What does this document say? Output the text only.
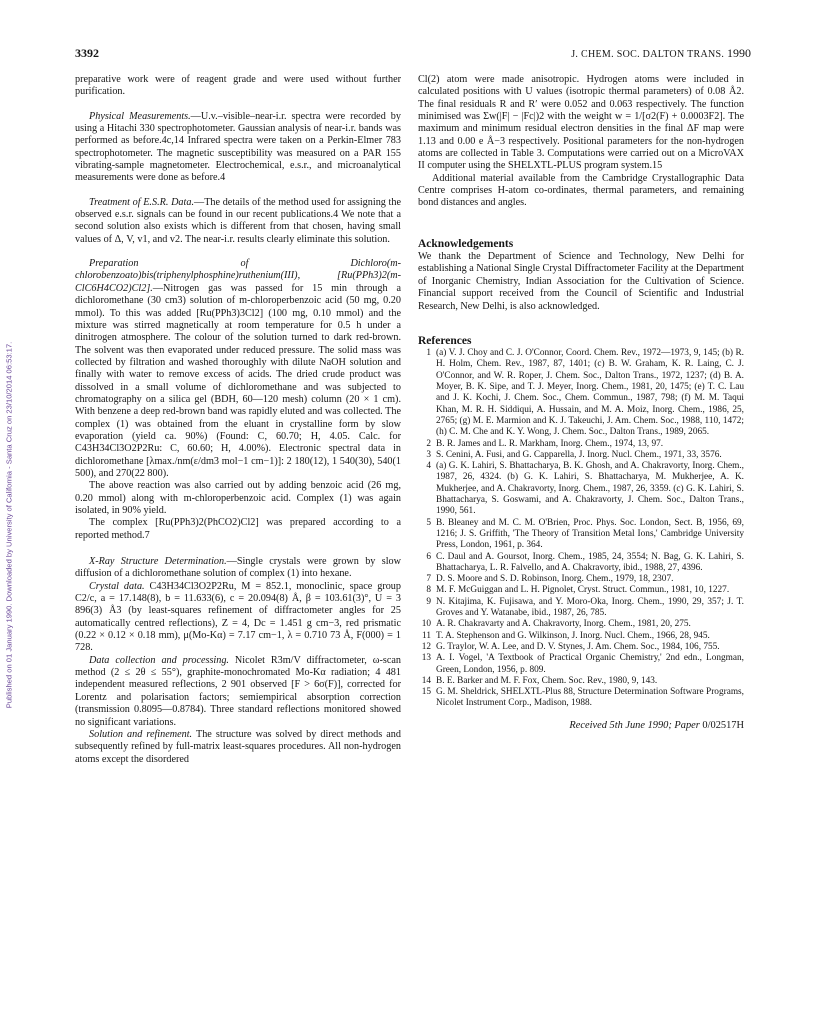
Published on 01 January 1990. Downloaded by University of California - Santa Cruz on 23/10/2014 06:53:17.
3392	J. CHEM. SOC. DALTON TRANS. 1990

preparative work were of reagent grade and were used without further purification.

Physical Measurements.—U.v.–visible–near-i.r. spectra were recorded by using a Hitachi 330 spectrophotometer. Gaussian analysis of near-i.r. bands was performed as before.4c,14 Infrared spectra were taken on a Perkin-Elmer 783 spectrophotometer. The magnetic susceptibility was measured on a PAR 155 vibrating-sample magnetometer. Electrochemical, e.s.r., and microanalytical measurements were done as before.4

Treatment of E.S.R. Data.—The details of the method used for assigning the observed e.s.r. signals can be found in our recent publications.4 We note that a second solution also exists which is different from that chosen, having small values of Δ, V, v1, and v2. The near-i.r. results clearly eliminate this solution.

Preparation of Dichloro(m-chlorobenzoato)bis(triphenylphosphine)ruthenium(III), [Ru(PPh3)2(m-ClC6H4CO2)Cl2].—Nitrogen gas was passed for 15 min through a dichloromethane (30 cm3) solution of m-chloroperbenzoic acid (50 mg, 0.20 mmol). To this was added [Ru(PPh3)3Cl2] (100 mg, 0.10 mmol) and the mixture was stirred magnetically at room temperature for 0.5 h under a dinitrogen atmosphere. The colour of the solution turned to dark red-brown. The solvent was then evaporated under reduced pressure. The solid mass was collected by filtration and washed thoroughly with dilute NaOH solution and finally with water to remove excess of acids. The dried crude product was dissolved in a small volume of dichloromethane and was subjected to chromatography on a silica gel (BDH, 60—120 mesh) column (20 × 1 cm). With benzene a deep red-brown band was rapidly eluted and was collected. The complex (1) was obtained from the eluant in crystalline form by slow evaporation (yield ca. 90%) (Found: C, 60.70; H, 4.05. Calc. for C43H34Cl3O2P2Ru: C, 60.60; H, 4.00%). Electronic spectral data in dichloromethane [λmax./nm(ε/dm3 mol−1 cm−1)]: 2 180(12), 1 540(30), 540(1 500), and 270(22 800).

The above reaction was also carried out by adding benzoic acid (26 mg, 0.20 mmol) along with m-chloroperbenzoic acid. Complex (1) was again isolated, in 90% yield.

The complex [Ru(PPh3)2(PhCO2)Cl2] was prepared according to a reported method.7

X-Ray Structure Determination.—Single crystals were grown by slow diffusion of a dichloromethane solution of complex (1) into hexane.

Crystal data. C43H34Cl3O2P2Ru, M = 852.1, monoclinic, space group C2/c, a = 17.148(8), b = 11.633(6), c = 20.094(8) Å, β = 103.61(3)°, U = 3 896(3) Å3 (by least-squares refinement of diffractometer angles for 25 automatically centred reflections), Z = 4, Dc = 1.451 g cm−3, red prismatic (0.22 × 0.12 × 0.18 mm), μ(Mo-Kα) = 7.17 cm−1, λ = 0.710 73 Å, F(000) = 1 728.

Data collection and processing. Nicolet R3m/V diffractometer, ω-scan method (2 ≤ 2θ ≤ 55°), graphite-monochromated Mo-Kα radiation; 4 481 independent measured reflections, 2 901 observed [F > 6σ(F)], corrected for Lorentz and polarisation factors; semiempirical absorption correction (transmission 0.8095—0.8784). Three standard reflections monitored showed no significant variations.

Solution and refinement. The structure was solved by direct methods and subsequently refined by full-matrix least-squares procedures. All non-hydrogen atoms except the disordered

Cl(2) atom were made anisotropic. Hydrogen atoms were included in calculated positions with U values (isotropic thermal parameters) of 0.08 Å2. The final residuals R and R′ were 0.052 and 0.063 respectively. The function minimised was Σw(|F| − |Fc|)2 with the weight w = 1/[σ2(F) + 0.0003F2]. The maximum and minimum residual electron densities in the final ΔF map were 1.13 and 0.00 e Å−3 respectively. Positional parameters for the non-hydrogen atoms are collected in Table 3. Computations were carried out on a MicroVAX II computer using the SHELXTL-PLUS program system.15

Additional material available from the Cambridge Crystallographic Data Centre comprises H-atom co-ordinates, thermal parameters, and remaining bond distances and angles.

Acknowledgements

We thank the Department of Science and Technology, New Delhi for establishing a National Single Crystal Diffractometer Facility at the Department of Inorganic Chemistry, Indian Association for the Cultivation of Science. Financial support received from the Council of Scientific and Industrial Research, New Delhi, is also acknowledged.

References
1 (a) V. J. Choy and C. J. O'Connor, Coord. Chem. Rev., 1972—1973, 9, 145; (b) R. H. Holm, Chem. Rev., 1987, 87, 1401; (c) B. W. Graham, K. R. Laing, C. J. O'Connor, and W. R. Roper, J. Chem. Soc., Dalton Trans., 1972, 1237; (d) B. A. Moyer, B. K. Sipe, and T. J. Meyer, Inorg. Chem., 1981, 20, 1475; (e) T. C. Lau and J. K. Kochi, J. Chem. Soc., Chem. Commun., 1987, 798; (f) M. M. Taqui Khan, M. R. H. Siddiqui, A. Hussain, and M. A. Moiz, Inorg. Chem., 1986, 25, 2765; (g) M. E. Marmion and K. J. Takeuchi, J. Am. Chem. Soc., 1988, 110, 1472; (h) C. M. Che and K. Y. Wong, J. Chem. Soc., Dalton Trans., 1989, 2065.
2 B. R. James and L. R. Markham, Inorg. Chem., 1974, 13, 97.
3 S. Cenini, A. Fusi, and G. Capparella, J. Inorg. Nucl. Chem., 1971, 33, 3576.
4 (a) G. K. Lahiri, S. Bhattacharya, B. K. Ghosh, and A. Chakravorty, Inorg. Chem., 1987, 26, 4324. (b) G. K. Lahiri, S. Bhattacharya, M. Mukherjee, A. K. Mukherjee, and A. Chakravorty, Inorg. Chem., 1987, 26, 3359. (c) G. K. Lahiri, S. Bhattacharya, S. Goswami, and A. Chakravorty, J. Chem. Soc., Dalton Trans., 1990, 561.
5 B. Bleaney and M. C. M. O'Brien, Proc. Phys. Soc. London, Sect. B, 1956, 69, 1216; J. S. Griffith, 'The Theory of Transition Metal Ions,' Cambridge University Press, London, 1961, p. 364.
6 C. Daul and A. Goursot, Inorg. Chem., 1985, 24, 3554; N. Bag, G. K. Lahiri, S. Bhattacharya, L. R. Falvello, and A. Chakravorty, ibid., 1988, 27, 4396.
7 D. S. Moore and S. D. Robinson, Inorg. Chem., 1979, 18, 2307.
8 M. F. McGuiggan and L. H. Pignolet, Cryst. Struct. Commun., 1981, 10, 1227.
9 N. Kitajima, K. Fujisawa, and Y. Moro-Oka, Inorg. Chem., 1990, 29, 357; J. T. Groves and Y. Watanabe, ibid., 1987, 26, 785.
10 A. R. Chakravarty and A. Chakravorty, Inorg. Chem., 1981, 20, 275.
11 T. A. Stephenson and G. Wilkinson, J. Inorg. Nucl. Chem., 1966, 28, 945.
12 G. Traylor, W. A. Lee, and D. V. Stynes, J. Am. Chem. Soc., 1984, 106, 755.
13 A. I. Vogel, 'A Textbook of Practical Organic Chemistry,' 2nd edn., Longman, Green, London, 1956, p. 809.
14 B. E. Barker and M. F. Fox, Chem. Soc. Rev., 1980, 9, 143.
15 G. M. Sheldrick, SHELXTL-Plus 88, Structure Determination Software Programs, Nicolet Instrument Corp., Madison, 1988.

Received 5th June 1990; Paper 0/02517H
